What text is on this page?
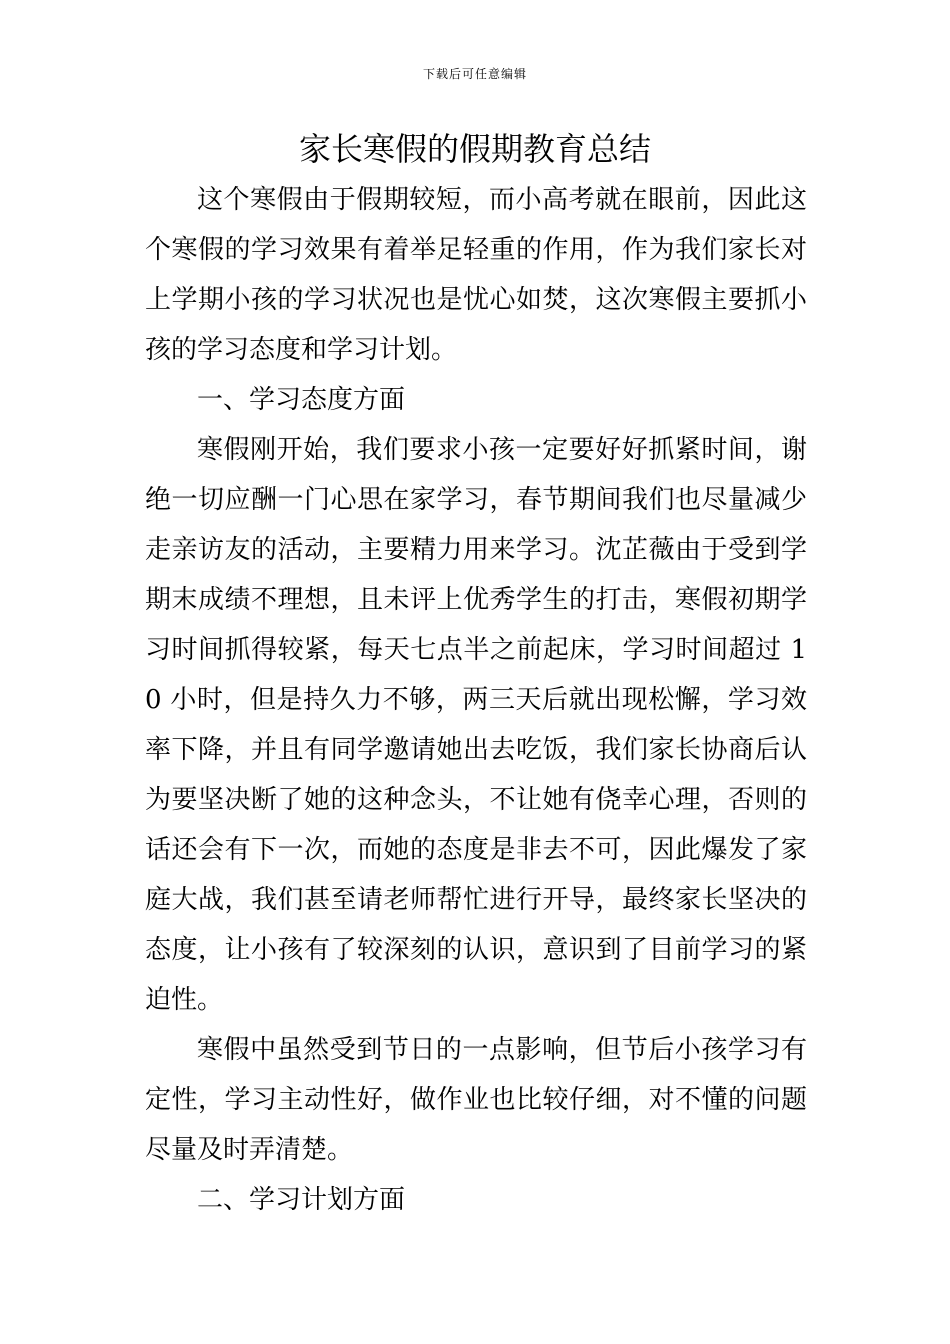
下载后可任意编辑
家长寒假的假期教育总结

这个寒假由于假期较短，而小高考就在眼前，因此这个寒假的学习效果有着举足轻重的作用，作为我们家长对上学期小孩的学习状况也是忧心如焚，这次寒假主要抓小孩的学习态度和学习计划。

一、学习态度方面

寒假刚开始，我们要求小孩一定要好好抓紧时间，谢绝一切应酬一门心思在家学习，春节期间我们也尽量减少走亲访友的活动，主要精力用来学习。沈芷薇由于受到学期末成绩不理想，且未评上优秀学生的打击，寒假初期学习时间抓得较紧，每天七点半之前起床，学习时间超过 10 小时，但是持久力不够，两三天后就出现松懈，学习效率下降，并且有同学邀请她出去吃饭，我们家长协商后认为要坚决断了她的这种念头，不让她有侥幸心理，否则的话还会有下一次，而她的态度是非去不可，因此爆发了家庭大战，我们甚至请老师帮忙进行开导，最终家长坚决的态度，让小孩有了较深刻的认识，意识到了目前学习的紧迫性。

寒假中虽然受到节日的一点影响，但节后小孩学习有定性，学习主动性好，做作业也比较仔细，对不懂的问题尽量及时弄清楚。

二、学习计划方面
